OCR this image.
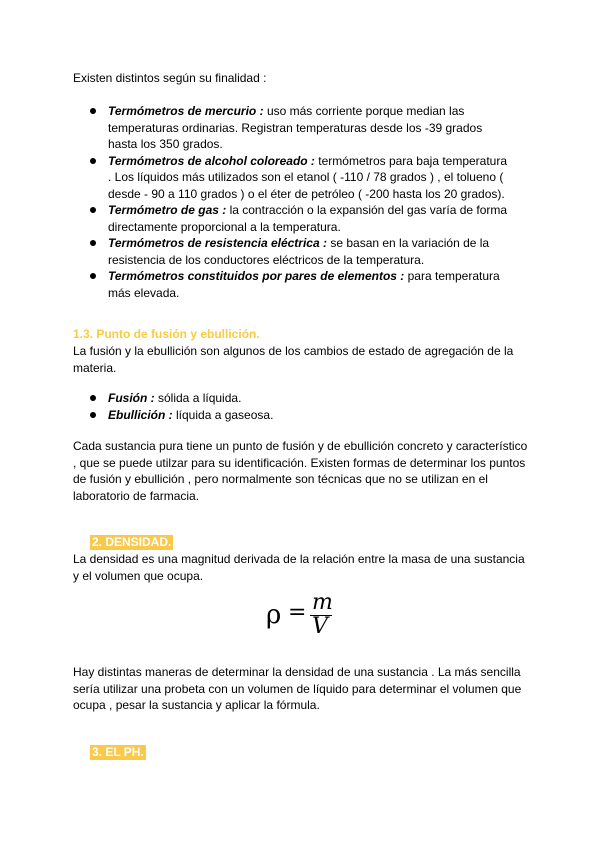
Existen distintos según su finalidad :

Termómetros de mercurio : uso más corriente porque median las temperaturas ordinarias. Registran temperaturas desde los -39 grados hasta los 350 grados.
Termómetros de alcohol coloreado : termómetros para baja temperatura . Los líquidos más utilizados son el etanol ( -110 / 78 grados ) , el tolueno ( desde - 90 a 110 grados ) o el éter de petróleo ( -200 hasta los 20 grados).
Termómetro de gas : la contracción o la expansión del gas varía de forma directamente proporcional a la temperatura.
Termómetros de resistencia eléctrica : se basan en la variación de la resistencia de los conductores eléctricos de la temperatura.
Termómetros constituidos por pares de elementos : para temperatura más elevada.
1.3. Punto de fusión y ebullición.

La fusión y la ebullición son algunos de los cambios de estado de agregación de la materia.

Fusión : sólida a líquida.
Ebullición : líquida a gaseosa.

Cada sustancia pura tiene un punto de fusión y de ebullición concreto y característico , que se puede utilzar para su identificación. Existen formas de determinar los puntos de fusión y ebullición , pero normalmente son técnicas que no se utilizan en el laboratorio de farmacia.

2. DENSIDAD.

La densidad es una magnitud derivada de la relación entre la masa de una sustancia y el volumen que ocupa.

ρ = m
V

Hay distintas maneras de determinar la densidad de una sustancia . La más sencilla sería utilizar una probeta con un volumen de líquido para determinar el volumen que ocupa , pesar la sustancia y aplicar la fórmula.

3. EL PH.
